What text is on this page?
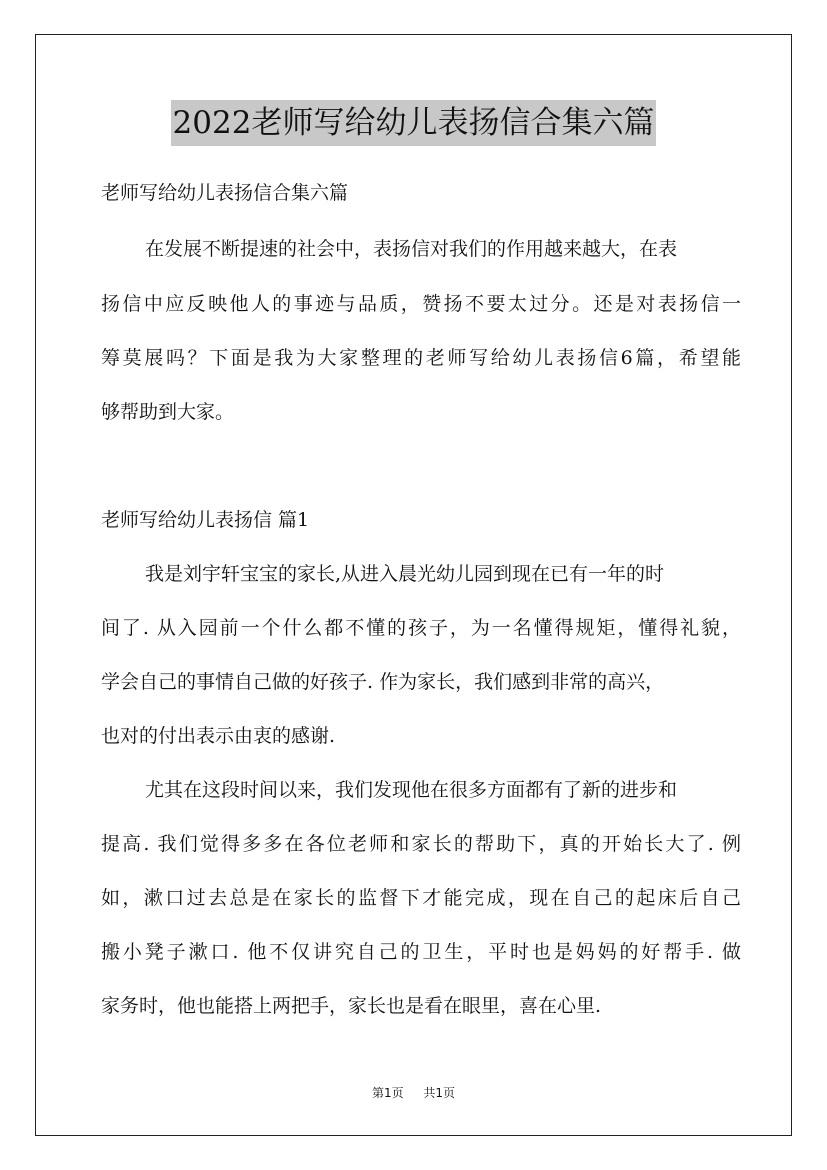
2022老师写给幼儿表扬信合集六篇
老师写给幼儿表扬信合集六篇
在发展不断提速的社会中，表扬信对我们的作用越来越大，在表
扬信中应反映他人的事迹与品质，赞扬不要太过分。还是对表扬信一
筹莫展吗？下面是我为大家整理的老师写给幼儿表扬信6篇，希望能
够帮助到大家。
老师写给幼儿表扬信 篇1
我是刘宇轩宝宝的家长,从进入晨光幼儿园到现在已有一年的时
间了. 从入园前一个什么都不懂的孩子，为一名懂得规矩，懂得礼貌，
学会自己的事情自己做的好孩子. 作为家长，我们感到非常的高兴，
也对的付出表示由衷的感谢.
尤其在这段时间以来，我们发现他在很多方面都有了新的进步和
提高. 我们觉得多多在各位老师和家长的帮助下，真的开始长大了. 例
如，漱口过去总是在家长的监督下才能完成，现在自己的起床后自己
搬小凳子漱口. 他不仅讲究自己的卫生，平时也是妈妈的好帮手. 做
家务时，他也能搭上两把手，家长也是看在眼里，喜在心里.
第1页 共1页
